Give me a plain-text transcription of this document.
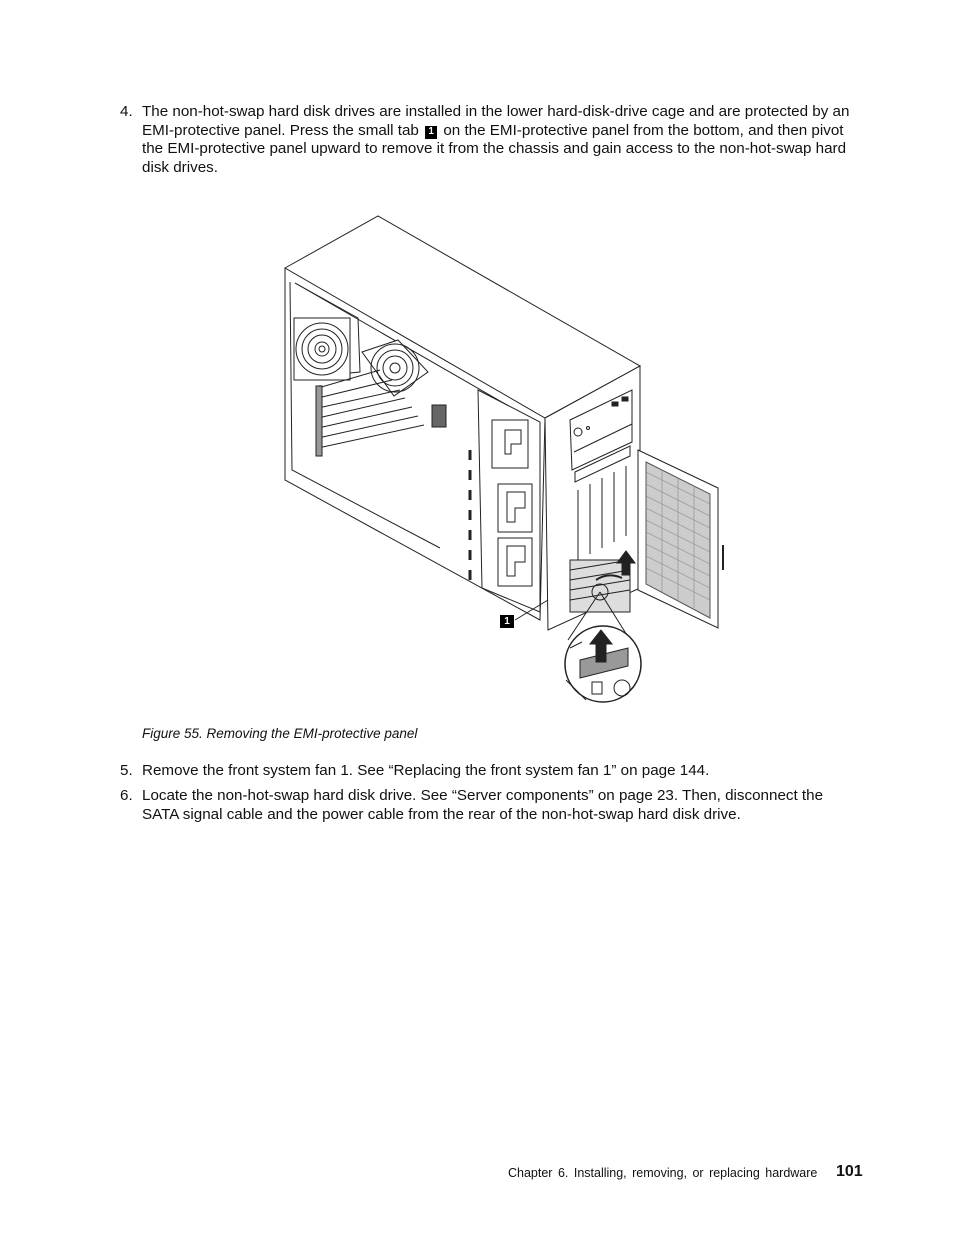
4. The non-hot-swap hard disk drives are installed in the lower hard-disk-drive cage and are protected by an EMI-protective panel. Press the small tab 1 on the EMI-protective panel from the bottom, and then pivot the EMI-protective panel upward to remove it from the chassis and gain access to the non-hot-swap hard disk drives.
1
Figure 55. Removing the EMI-protective panel
5. Remove the front system fan 1. See “Replacing the front system fan 1” on page 144.
6. Locate the non-hot-swap hard disk drive. See “Server components” on page 23. Then, disconnect the SATA signal cable and the power cable from the rear of the non-hot-swap hard disk drive.
Chapter 6. Installing, removing, or replacing hardware 101
